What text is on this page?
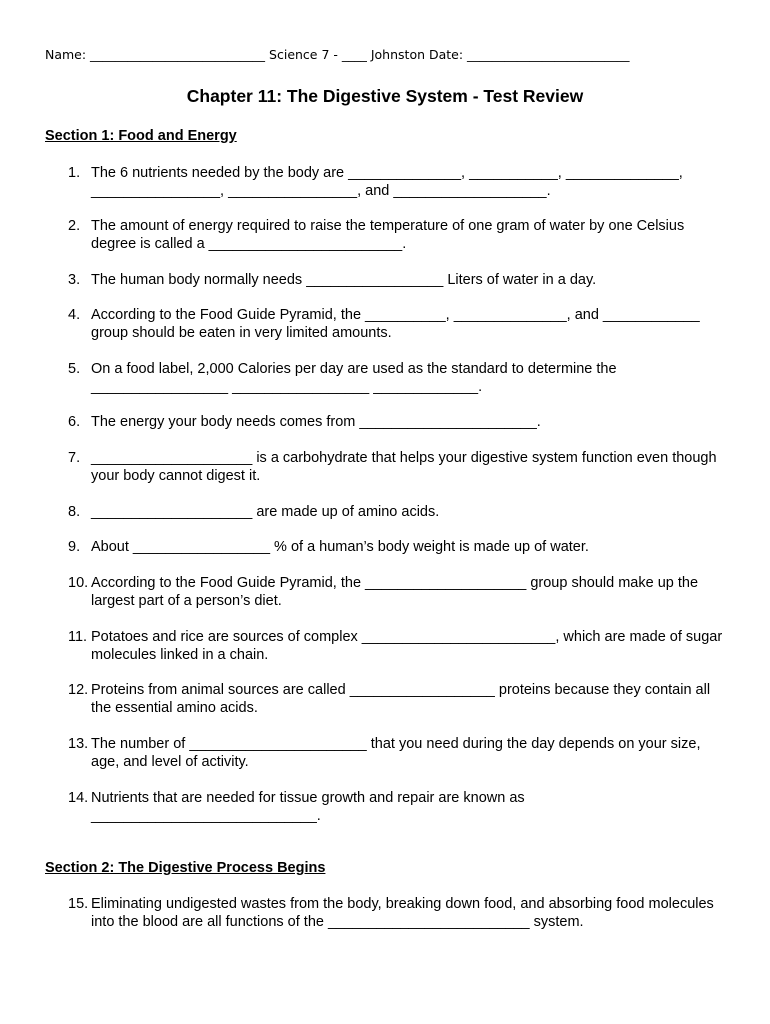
Name: ____________________________ Science 7 - ____ Johnston Date: __________________________
Chapter 11: The Digestive System - Test Review
Section 1: Food and Energy
1. The 6 nutrients needed by the body are ______________, ___________, ______________, ________________, ________________, and ___________________.
2. The amount of energy required to raise the temperature of one gram of water by one Celsius degree is called a ________________________.
3. The human body normally needs _________________ Liters of water in a day.
4. According to the Food Guide Pyramid, the __________, ______________, and ____________ group should be eaten in very limited amounts.
5. On a food label, 2,000 Calories per day are used as the standard to determine the _________________ _________________ _____________.
6. The energy your body needs comes from ______________________.
7. ____________________ is a carbohydrate that helps your digestive system function even though your body cannot digest it.
8. ____________________ are made up of amino acids.
9. About _________________ % of a human’s body weight is made up of water.
10. According to the Food Guide Pyramid, the ____________________ group should make up the largest part of a person’s diet.
11. Potatoes and rice are sources of complex ________________________, which are made of sugar molecules linked in a chain.
12. Proteins from animal sources are called __________________ proteins because they contain all the essential amino acids.
13. The number of ______________________ that you need during the day depends on your size, age, and level of activity.
14. Nutrients that are needed for tissue growth and repair are known as ____________________________.
Section 2: The Digestive Process Begins
15. Eliminating undigested wastes from the body, breaking down food, and absorbing food molecules into the blood are all functions of the _________________________ system.
